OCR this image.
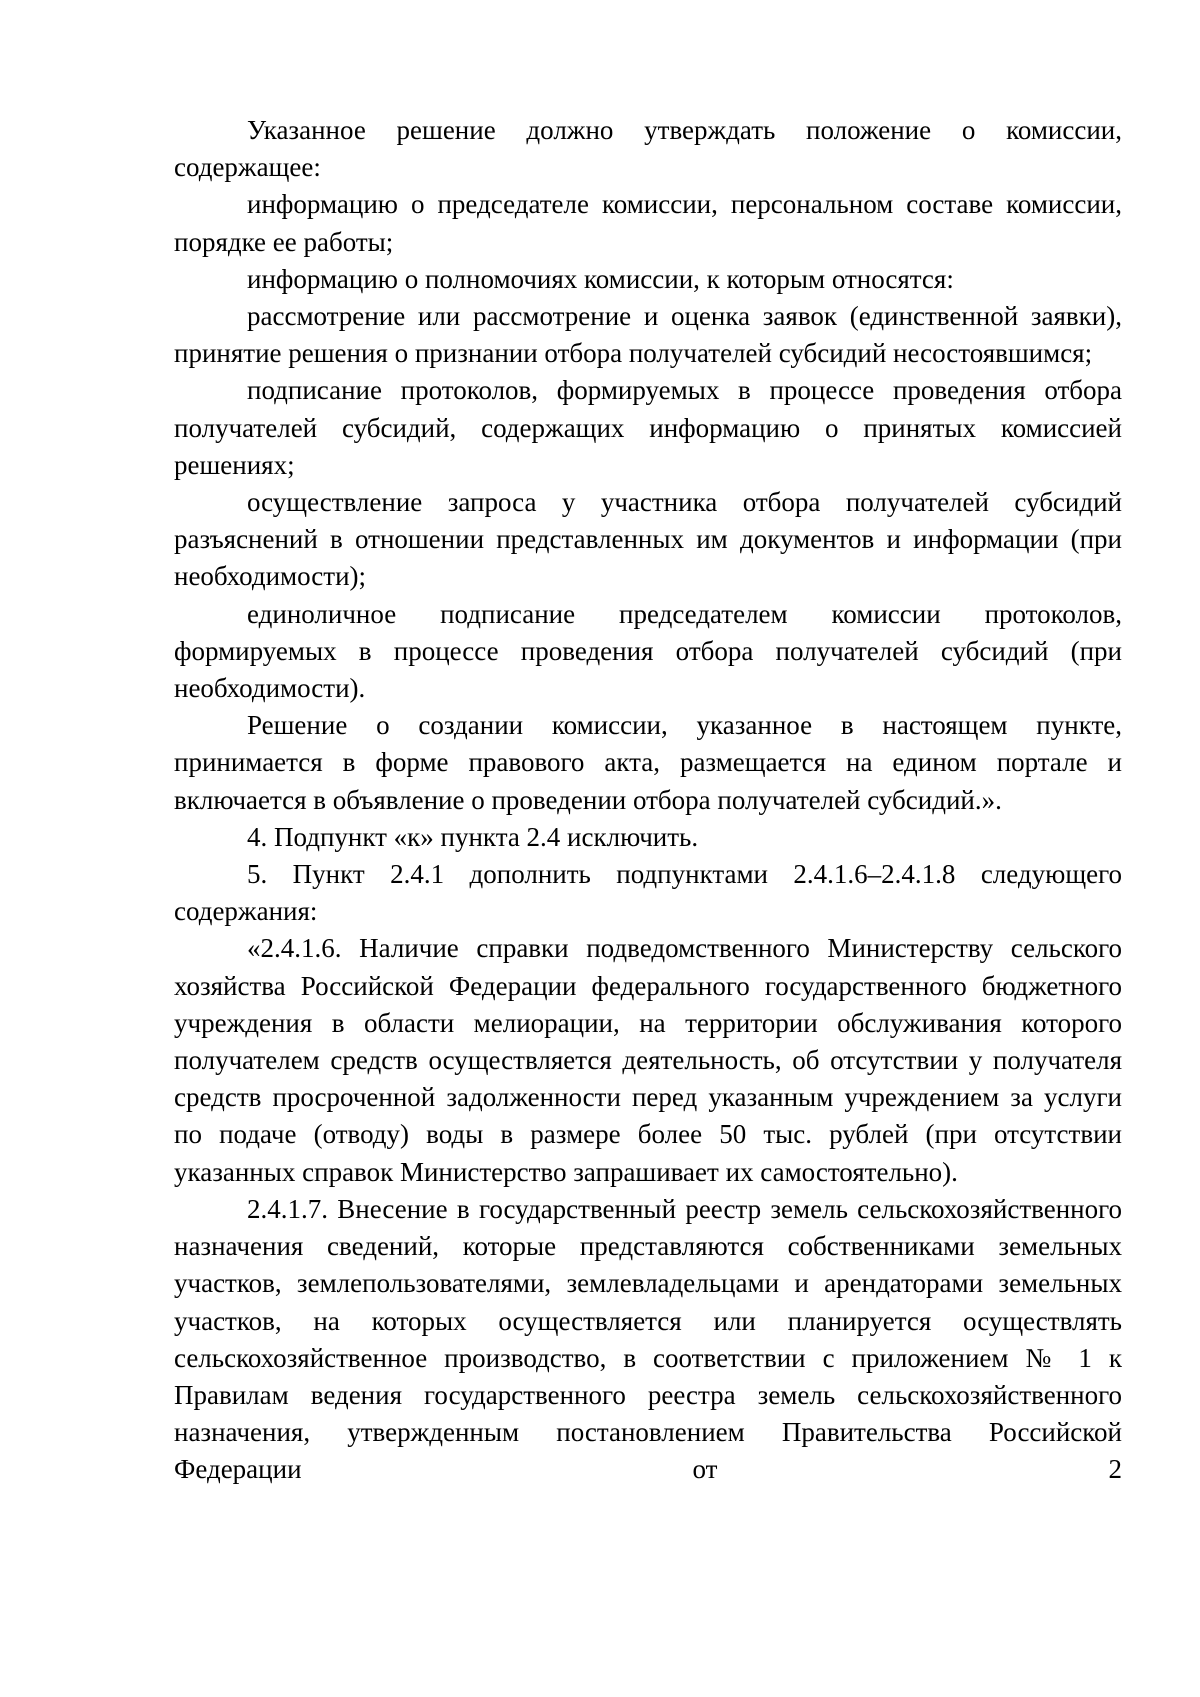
Указанное решение должно утверждать положение о комиссии, содержащее:

информацию о председателе комиссии, персональном составе комиссии, порядке ее работы;

информацию о полномочиях комиссии, к которым относятся:

рассмотрение или рассмотрение и оценка заявок (единственной заявки), принятие решения о признании отбора получателей субсидий несостоявшимся;

подписание протоколов, формируемых в процессе проведения отбора получателей субсидий, содержащих информацию о принятых комиссией решениях;

осуществление запроса у участника отбора получателей субсидий разъяснений в отношении представленных им документов и информации (при необходимости);

единоличное подписание председателем комиссии протоколов, формируемых в процессе проведения отбора получателей субсидий (при необходимости).

Решение о создании комиссии, указанное в настоящем пункте, принимается в форме правового акта, размещается на едином портале и включается в объявление о проведении отбора получателей субсидий.».

4. Подпункт «к» пункта 2.4 исключить.

5. Пункт 2.4.1 дополнить подпунктами 2.4.1.6–2.4.1.8 следующего содержания:

«2.4.1.6. Наличие справки подведомственного Министерству сельского хозяйства Российской Федерации федерального государственного бюджетного учреждения в области мелиорации, на территории обслуживания которого получателем средств осуществляется деятельность, об отсутствии у получателя средств просроченной задолженности перед указанным учреждением за услуги по подаче (отводу) воды в размере более 50 тыс. рублей (при отсутствии указанных справок Министерство запрашивает их самостоятельно).

2.4.1.7. Внесение в государственный реестр земель сельскохозяйственного назначения сведений, которые представляются собственниками земельных участков, землепользователями, землевладельцами и арендаторами земельных участков, на которых осуществляется или планируется осуществлять сельскохозяйственное производство, в соответствии с приложением № 1 к Правилам ведения государственного реестра земель сельскохозяйственного назначения, утвержденным постановлением Правительства Российской Федерации от 2
